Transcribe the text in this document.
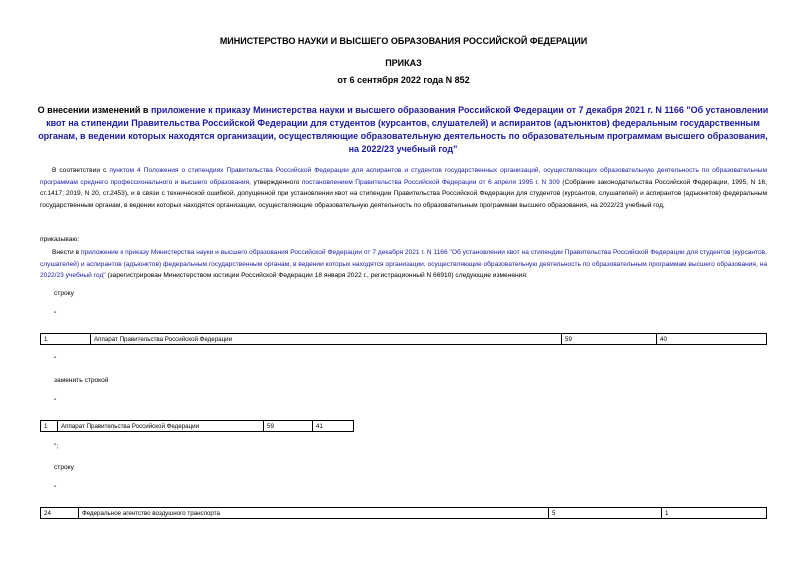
МИНИСТЕРСТВО НАУКИ И ВЫСШЕГО ОБРАЗОВАНИЯ РОССИЙСКОЙ ФЕДЕРАЦИИ
ПРИКАЗ
от 6 сентября 2022 года N 852
О внесении изменений в приложение к приказу Министерства науки и высшего образования Российской Федерации от 7 декабря 2021 г. N 1166 "Об установлении квот на стипендии Правительства Российской Федерации для студентов (курсантов, слушателей) и аспирантов (адъюнктов) федеральным государственным органам, в ведении которых находятся организации, осуществляющие образовательную деятельность по образовательным программам высшего образования, на 2022/23 учебный год"
В соответствии с пунктом 4 Положения о стипендиях Правительства Российской Федерации для аспирантов и студентов государственных организаций, осуществляющих образовательную деятельность по образовательным программам среднего профессионального и высшего образования, утвержденного постановлением Правительства Российской Федерации от 6 апреля 1995 г. N 309 (Собрание законодательства Российской Федерации, 1995, N 16, ст.1417; 2019, N 20, ст.2453), и в связи с технической ошибкой, допущенной при установлении квот на стипендии Правительства Российской Федерации для студентов (курсантов, слушателей) и аспирантов (адъюнктов) федеральным государственным органам, в ведении которых находятся организации, осуществляющие образовательную деятельность по образовательным программам высшего образования, на 2022/23 учебный год,
приказываю:
Внести в приложение к приказу Министерства науки и высшего образования Российской Федерации от 7 декабря 2021 г. N 1166 "Об установлении квот на стипендии Правительства Российской Федерации для студентов (курсантов, слушателей) и аспирантов (адъюнктов) федеральным государственным органам, в ведении которых находятся организации, осуществляющие образовательную деятельность по образовательным программам высшего образования, на 2022/23 учебный год" (зарегистрирован Министерством юстиции Российской Федерации 18 января 2022 г., регистрационный N 66910) следующие изменения:
строку
"
1	Аппарат Правительства Российской Федерации	59	40
"
заменить строкой
"
1	Аппарат Правительства Российской Федерации	59	41
";
строку
"
24	Федеральное агентство воздушного транспорта	5	1
